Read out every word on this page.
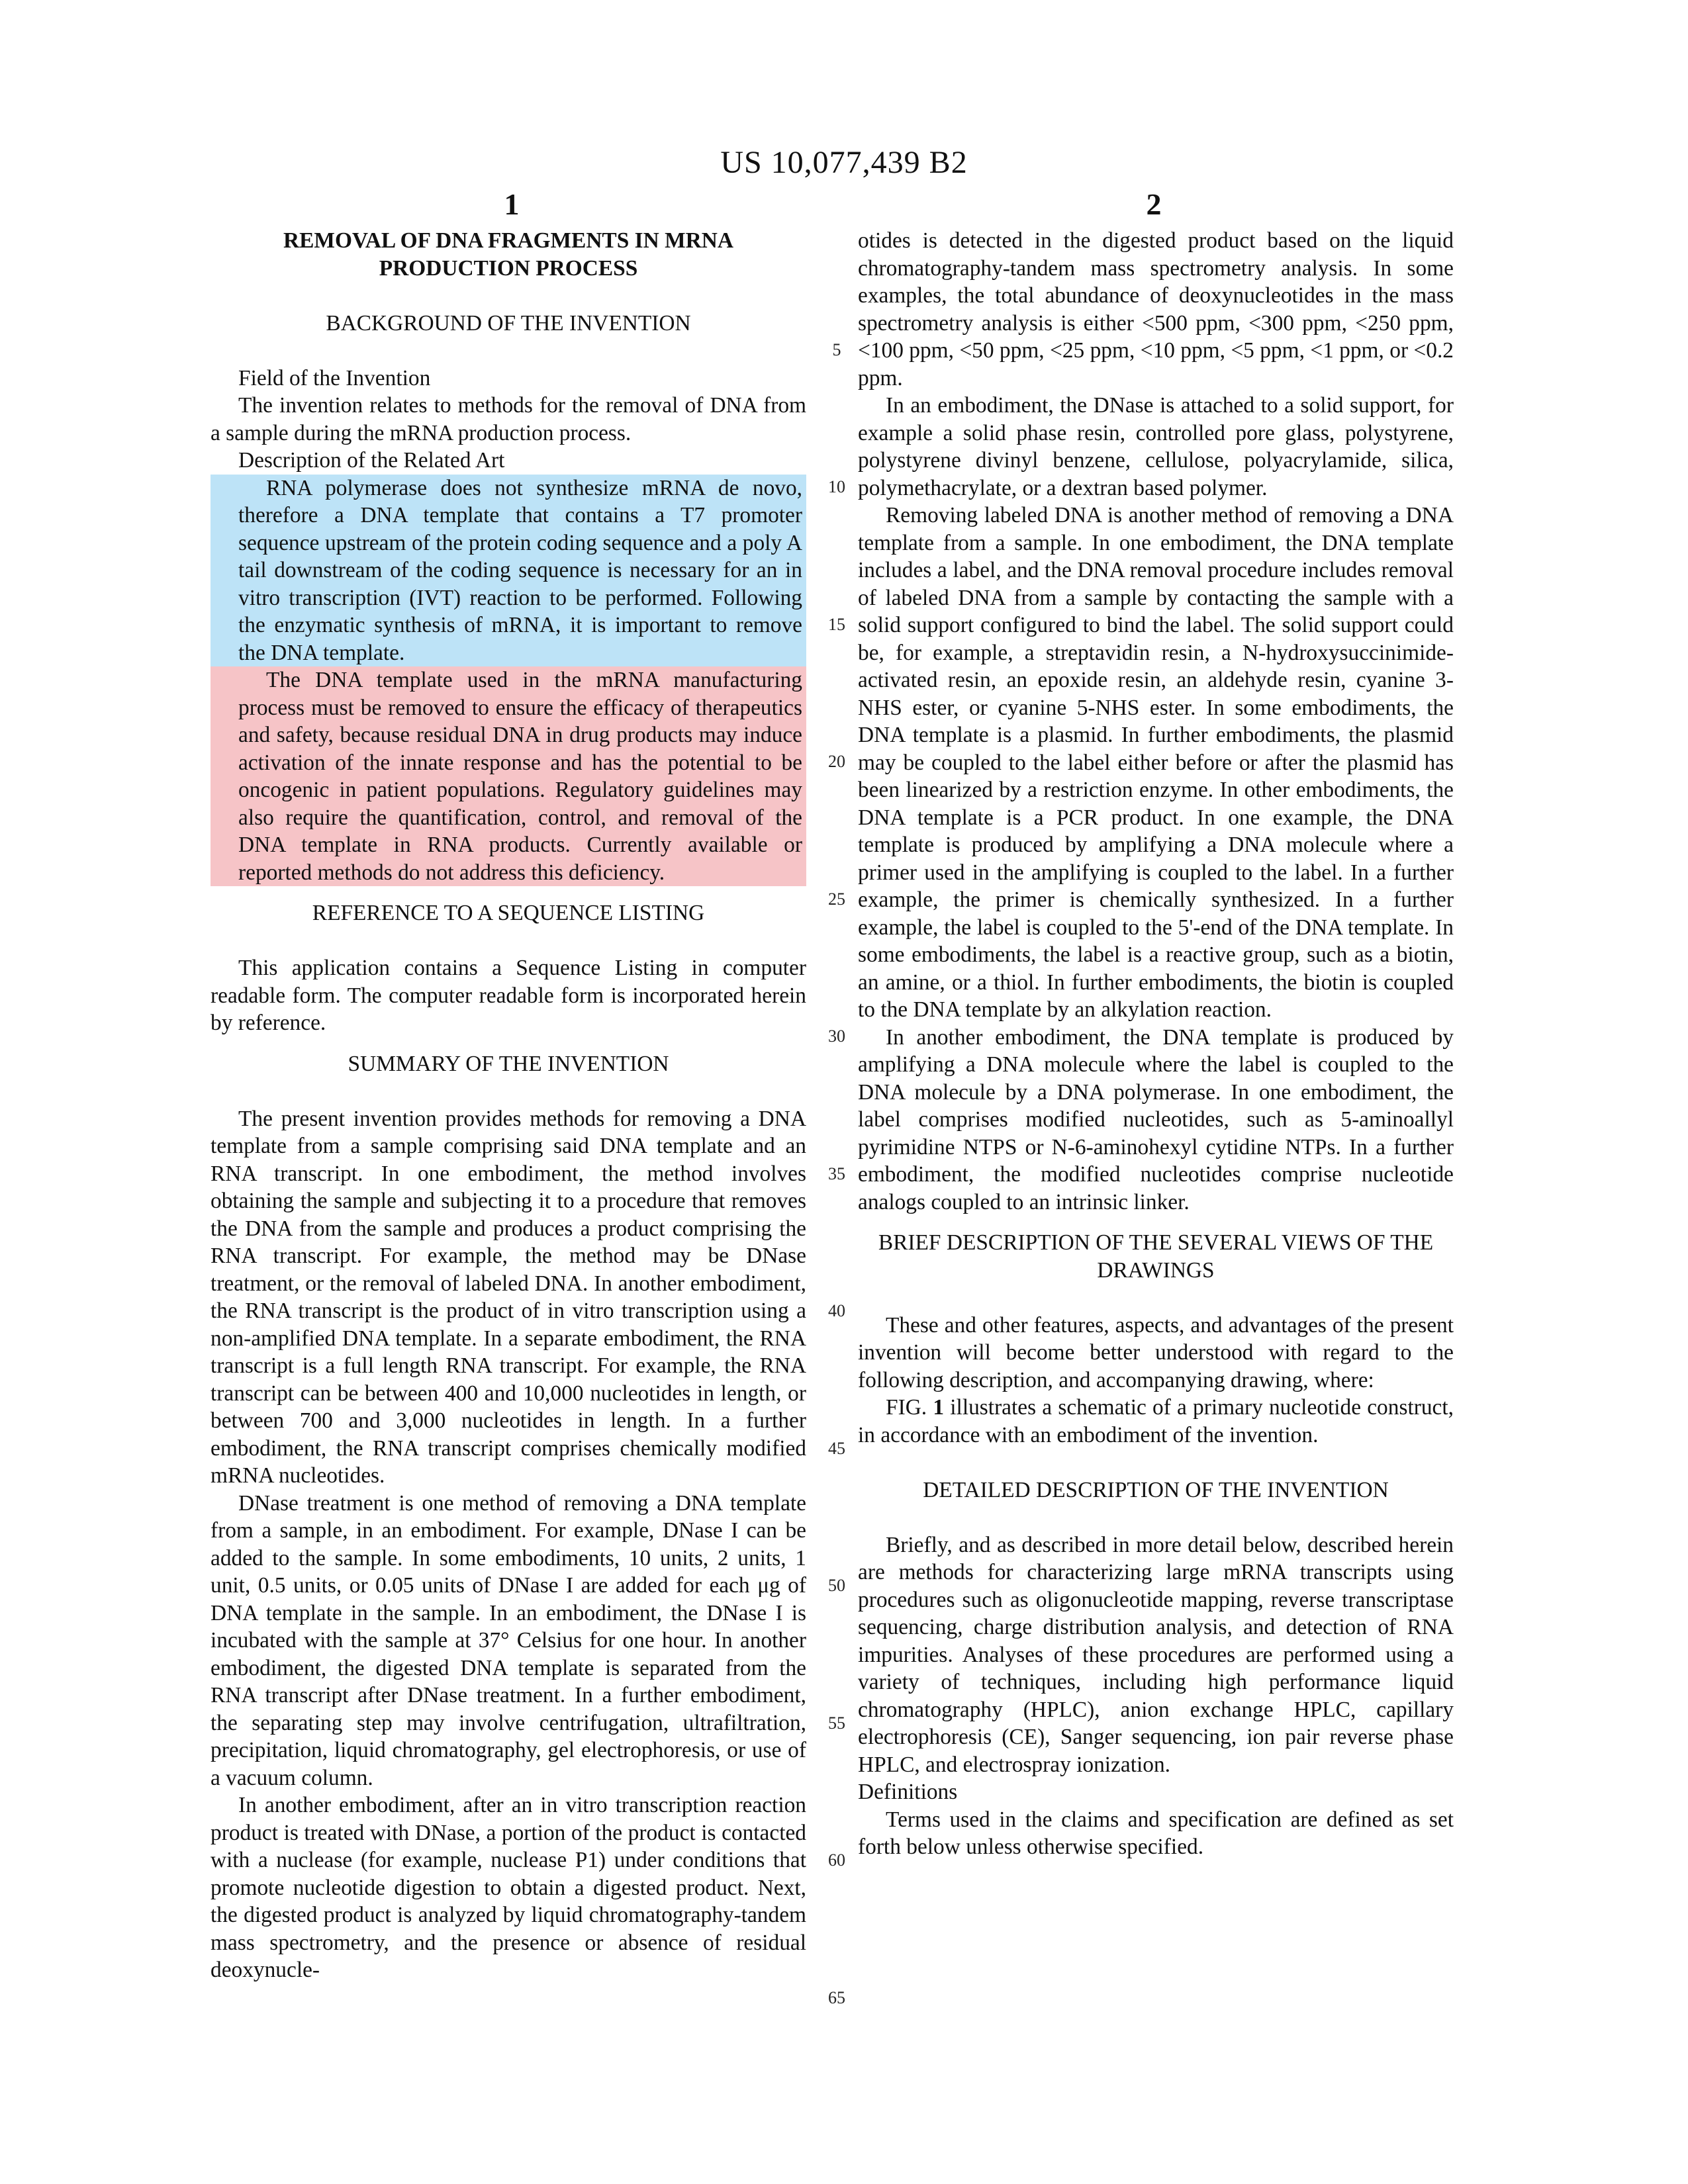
US 10,077,439 B2
1	2

REMOVAL OF DNA FRAGMENTS IN MRNA PRODUCTION PROCESS

BACKGROUND OF THE INVENTION

Field of the Invention

The invention relates to methods for the removal of DNA from a sample during the mRNA production process.

Description of the Related Art

RNA polymerase does not synthesize mRNA de novo, therefore a DNA template that contains a T7 promoter sequence upstream of the protein coding sequence and a poly A tail downstream of the coding sequence is necessary for an in vitro transcription (IVT) reaction to be performed. Following the enzymatic synthesis of mRNA, it is important to remove the DNA template.

The DNA template used in the mRNA manufacturing process must be removed to ensure the efficacy of therapeutics and safety, because residual DNA in drug products may induce activation of the innate response and has the potential to be oncogenic in patient populations. Regulatory guidelines may also require the quantification, control, and removal of the DNA template in RNA products. Currently available or reported methods do not address this deficiency.

REFERENCE TO A SEQUENCE LISTING

This application contains a Sequence Listing in computer readable form. The computer readable form is incorporated herein by reference.

SUMMARY OF THE INVENTION

The present invention provides methods for removing a DNA template from a sample comprising said DNA template and an RNA transcript. In one embodiment, the method involves obtaining the sample and subjecting it to a procedure that removes the DNA from the sample and produces a product comprising the RNA transcript. For example, the method may be DNase treatment, or the removal of labeled DNA. In another embodiment, the RNA transcript is the product of in vitro transcription using a non-amplified DNA template. In a separate embodiment, the RNA transcript is a full length RNA transcript. For example, the RNA transcript can be between 400 and 10,000 nucleotides in length, or between 700 and 3,000 nucleotides in length. In a further embodiment, the RNA transcript comprises chemically modified mRNA nucleotides.

DNase treatment is one method of removing a DNA template from a sample, in an embodiment. For example, DNase I can be added to the sample. In some embodiments, 10 units, 2 units, 1 unit, 0.5 units, or 0.05 units of DNase I are added for each μg of DNA template in the sample. In an embodiment, the DNase I is incubated with the sample at 37° Celsius for one hour. In another embodiment, the digested DNA template is separated from the RNA transcript after DNase treatment. In a further embodiment, the separating step may involve centrifugation, ultrafiltration, precipitation, liquid chromatography, gel electrophoresis, or use of a vacuum column.

In another embodiment, after an in vitro transcription reaction product is treated with DNase, a portion of the product is contacted with a nuclease (for example, nuclease P1) under conditions that promote nucleotide digestion to obtain a digested product. Next, the digested product is analyzed by liquid chromatography-tandem mass spectrometry, and the presence or absence of residual deoxynucle-

otides is detected in the digested product based on the liquid chromatography-tandem mass spectrometry analysis. In some examples, the total abundance of deoxynucleotides in the mass spectrometry analysis is either <500 ppm, <300 ppm, <250 ppm, <100 ppm, <50 ppm, <25 ppm, <10 ppm, <5 ppm, <1 ppm, or <0.2 ppm.

In an embodiment, the DNase is attached to a solid support, for example a solid phase resin, controlled pore glass, polystyrene, polystyrene divinyl benzene, cellulose, polyacrylamide, silica, polymethacrylate, or a dextran based polymer.

Removing labeled DNA is another method of removing a DNA template from a sample. In one embodiment, the DNA template includes a label, and the DNA removal procedure includes removal of labeled DNA from a sample by contacting the sample with a solid support configured to bind the label. The solid support could be, for example, a streptavidin resin, a N-hydroxysuccinimide-activated resin, an epoxide resin, an aldehyde resin, cyanine 3-NHS ester, or cyanine 5-NHS ester. In some embodiments, the DNA template is a plasmid. In further embodiments, the plasmid may be coupled to the label either before or after the plasmid has been linearized by a restriction enzyme. In other embodiments, the DNA template is a PCR product. In one example, the DNA template is produced by amplifying a DNA molecule where a primer used in the amplifying is coupled to the label. In a further example, the primer is chemically synthesized. In a further example, the label is coupled to the 5'-end of the DNA template. In some embodiments, the label is a reactive group, such as a biotin, an amine, or a thiol. In further embodiments, the biotin is coupled to the DNA template by an alkylation reaction.

In another embodiment, the DNA template is produced by amplifying a DNA molecule where the label is coupled to the DNA molecule by a DNA polymerase. In one embodiment, the label comprises modified nucleotides, such as 5-aminoallyl pyrimidine NTPS or N-6-aminohexyl cytidine NTPs. In a further embodiment, the modified nucleotides comprise nucleotide analogs coupled to an intrinsic linker.

BRIEF DESCRIPTION OF THE SEVERAL VIEWS OF THE DRAWINGS

These and other features, aspects, and advantages of the present invention will become better understood with regard to the following description, and accompanying drawing, where:

FIG. 1 illustrates a schematic of a primary nucleotide construct, in accordance with an embodiment of the invention.

DETAILED DESCRIPTION OF THE INVENTION

Briefly, and as described in more detail below, described herein are methods for characterizing large mRNA transcripts using procedures such as oligonucleotide mapping, reverse transcriptase sequencing, charge distribution analysis, and detection of RNA impurities. Analyses of these procedures are performed using a variety of techniques, including high performance liquid chromatography (HPLC), anion exchange HPLC, capillary electrophoresis (CE), Sanger sequencing, ion pair reverse phase HPLC, and electrospray ionization.

Definitions

Terms used in the claims and specification are defined as set forth below unless otherwise specified.

5
10
15
20
25
30
35
40
45
50
55
60
65
